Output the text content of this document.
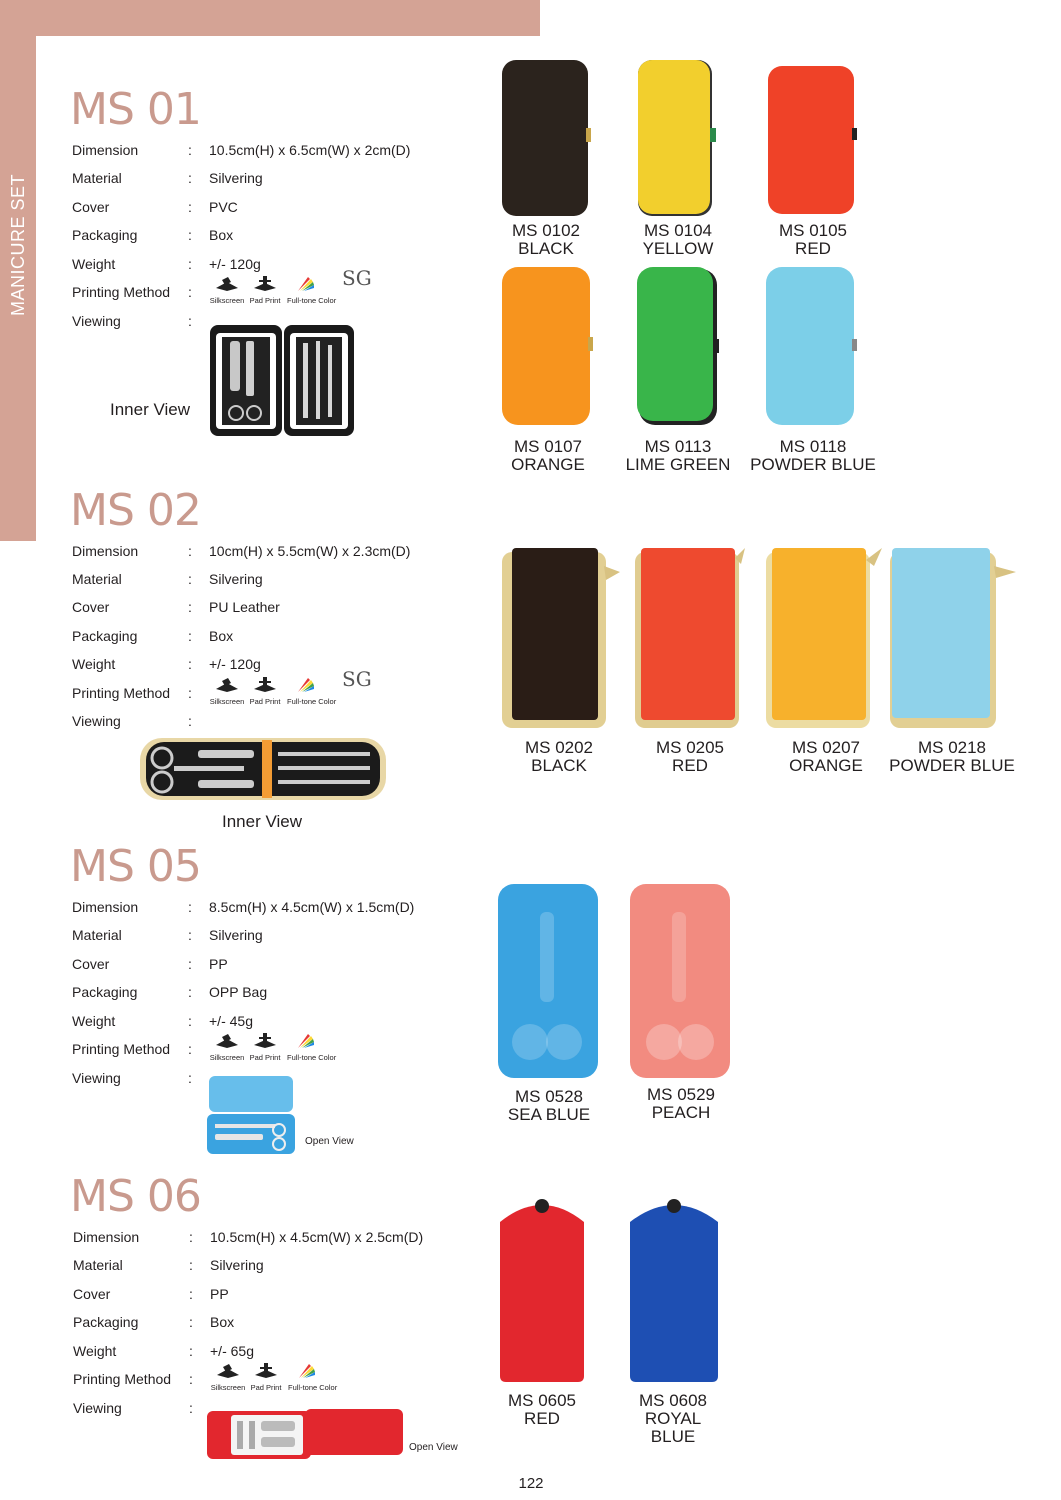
MANICURE SET
MS 01
Dimension	: 10.5cm(H) x 6.5cm(W) x 2cm(D)
Material	: Silvering
Cover	: PVC
Packaging	: Box
Weight	: +/- 120g
Printing Method :
Silkscreen Pad Print Full-tone Color
SG
Viewing	:
Inner View
MS 0102
BLACK
MS 0104
YELLOW
MS 0105
RED
MS 0107
ORANGE
MS 0113
LIME GREEN
MS 0118
POWDER BLUE
MS 02
Dimension	: 10cm(H) x 5.5cm(W) x 2.3cm(D)
Material	: Silvering
Cover	: PU Leather
Packaging	: Box
Weight	: +/- 120g
Printing Method :
Silkscreen Pad Print Full-tone Color
SG
Viewing	:
Inner View
MS 0202
BLACK
MS 0205
RED
MS 0207
ORANGE
MS 0218
POWDER BLUE
MS 05
Dimension	: 8.5cm(H) x 4.5cm(W) x 1.5cm(D)
Material	: Silvering
Cover	: PP
Packaging	: OPP Bag
Weight	: +/- 45g
Printing Method :
Silkscreen Pad Print Full-tone Color
Viewing	:
Open View
MS 0528
SEA BLUE
MS 0529
PEACH
MS 06
Dimension	: 10.5cm(H) x 4.5cm(W) x 2.5cm(D)
Material	: Silvering
Cover	: PP
Packaging	: Box
Weight	: +/- 65g
Printing Method :
Silkscreen Pad Print Full-tone Color
Viewing	:
Open View
MS 0605
RED
MS 0608
ROYAL BLUE
122
